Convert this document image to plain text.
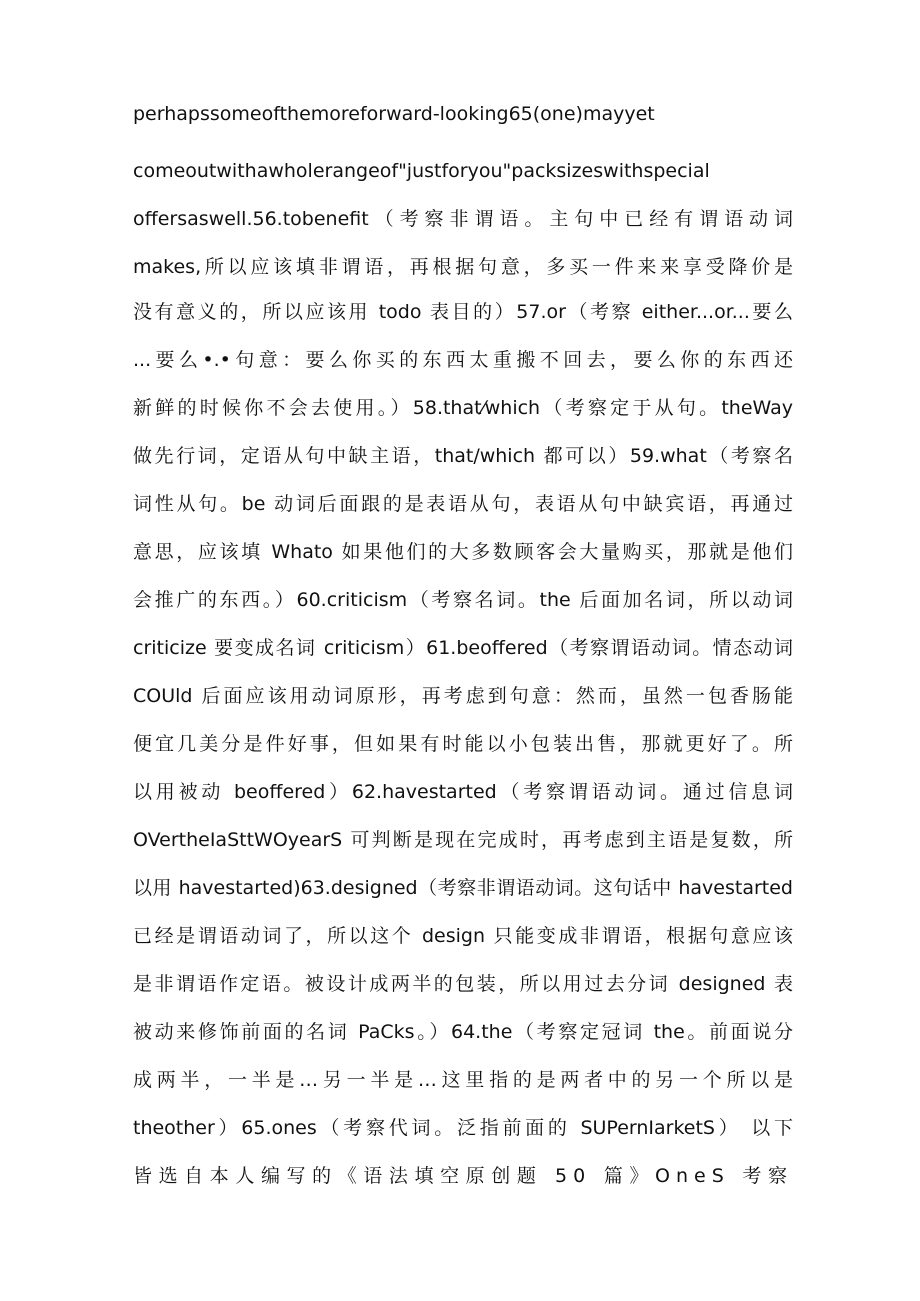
perhapssomeofthemoreforward-looking65(one)mayyet
comeoutwithawholerangeof"justforyou"packsizeswithspecial
offersaswell.56.tobenefit（考察非谓语。主句中已经有谓语动词
makes,所以应该填非谓语，再根据句意，多买一件来来享受降价是
没有意义的，所以应该用 todo 表目的）57.or（考察 either...or...要么
...要么•.•句意：要么你买的东西太重搬不回去，要么你的东西还
新鲜的时候你不会去使用。）58.that⁄which（考察定于从句。theWay
做先行词，定语从句中缺主语，that/which 都可以）59.what（考察名
词性从句。be 动词后面跟的是表语从句，表语从句中缺宾语，再通过
意思，应该填 Whato 如果他们的大多数顾客会大量购买，那就是他们
会推广的东西。）60.criticism（考察名词。the 后面加名词，所以动词
criticize 要变成名词 criticism）61.beoffered（考察谓语动词。情态动词
COUld 后面应该用动词原形，再考虑到句意：然而，虽然一包香肠能
便宜几美分是件好事，但如果有时能以小包装出售，那就更好了。所
以用被动 beoffered）62.havestarted（考察谓语动词。通过信息词
OVertheIaSttWOyearS 可判断是现在完成时，再考虑到主语是复数，所
以用 havestarted)63.designed（考察非谓语动词。这句话中 havestarted
已经是谓语动词了，所以这个 design 只能变成非谓语，根据句意应该
是非谓语作定语。被设计成两半的包装，所以用过去分词 designed 表
被动来修饰前面的名词 PaCks。）64.the（考察定冠词 the。前面说分
成两半，一半是…另一半是…这里指的是两者中的另一个所以是
theother）65.ones（考察代词。泛指前面的 SUPernIarketS） 以下
皆选自本人编写的《语法填空原创题 50 篇》OneS 考察
